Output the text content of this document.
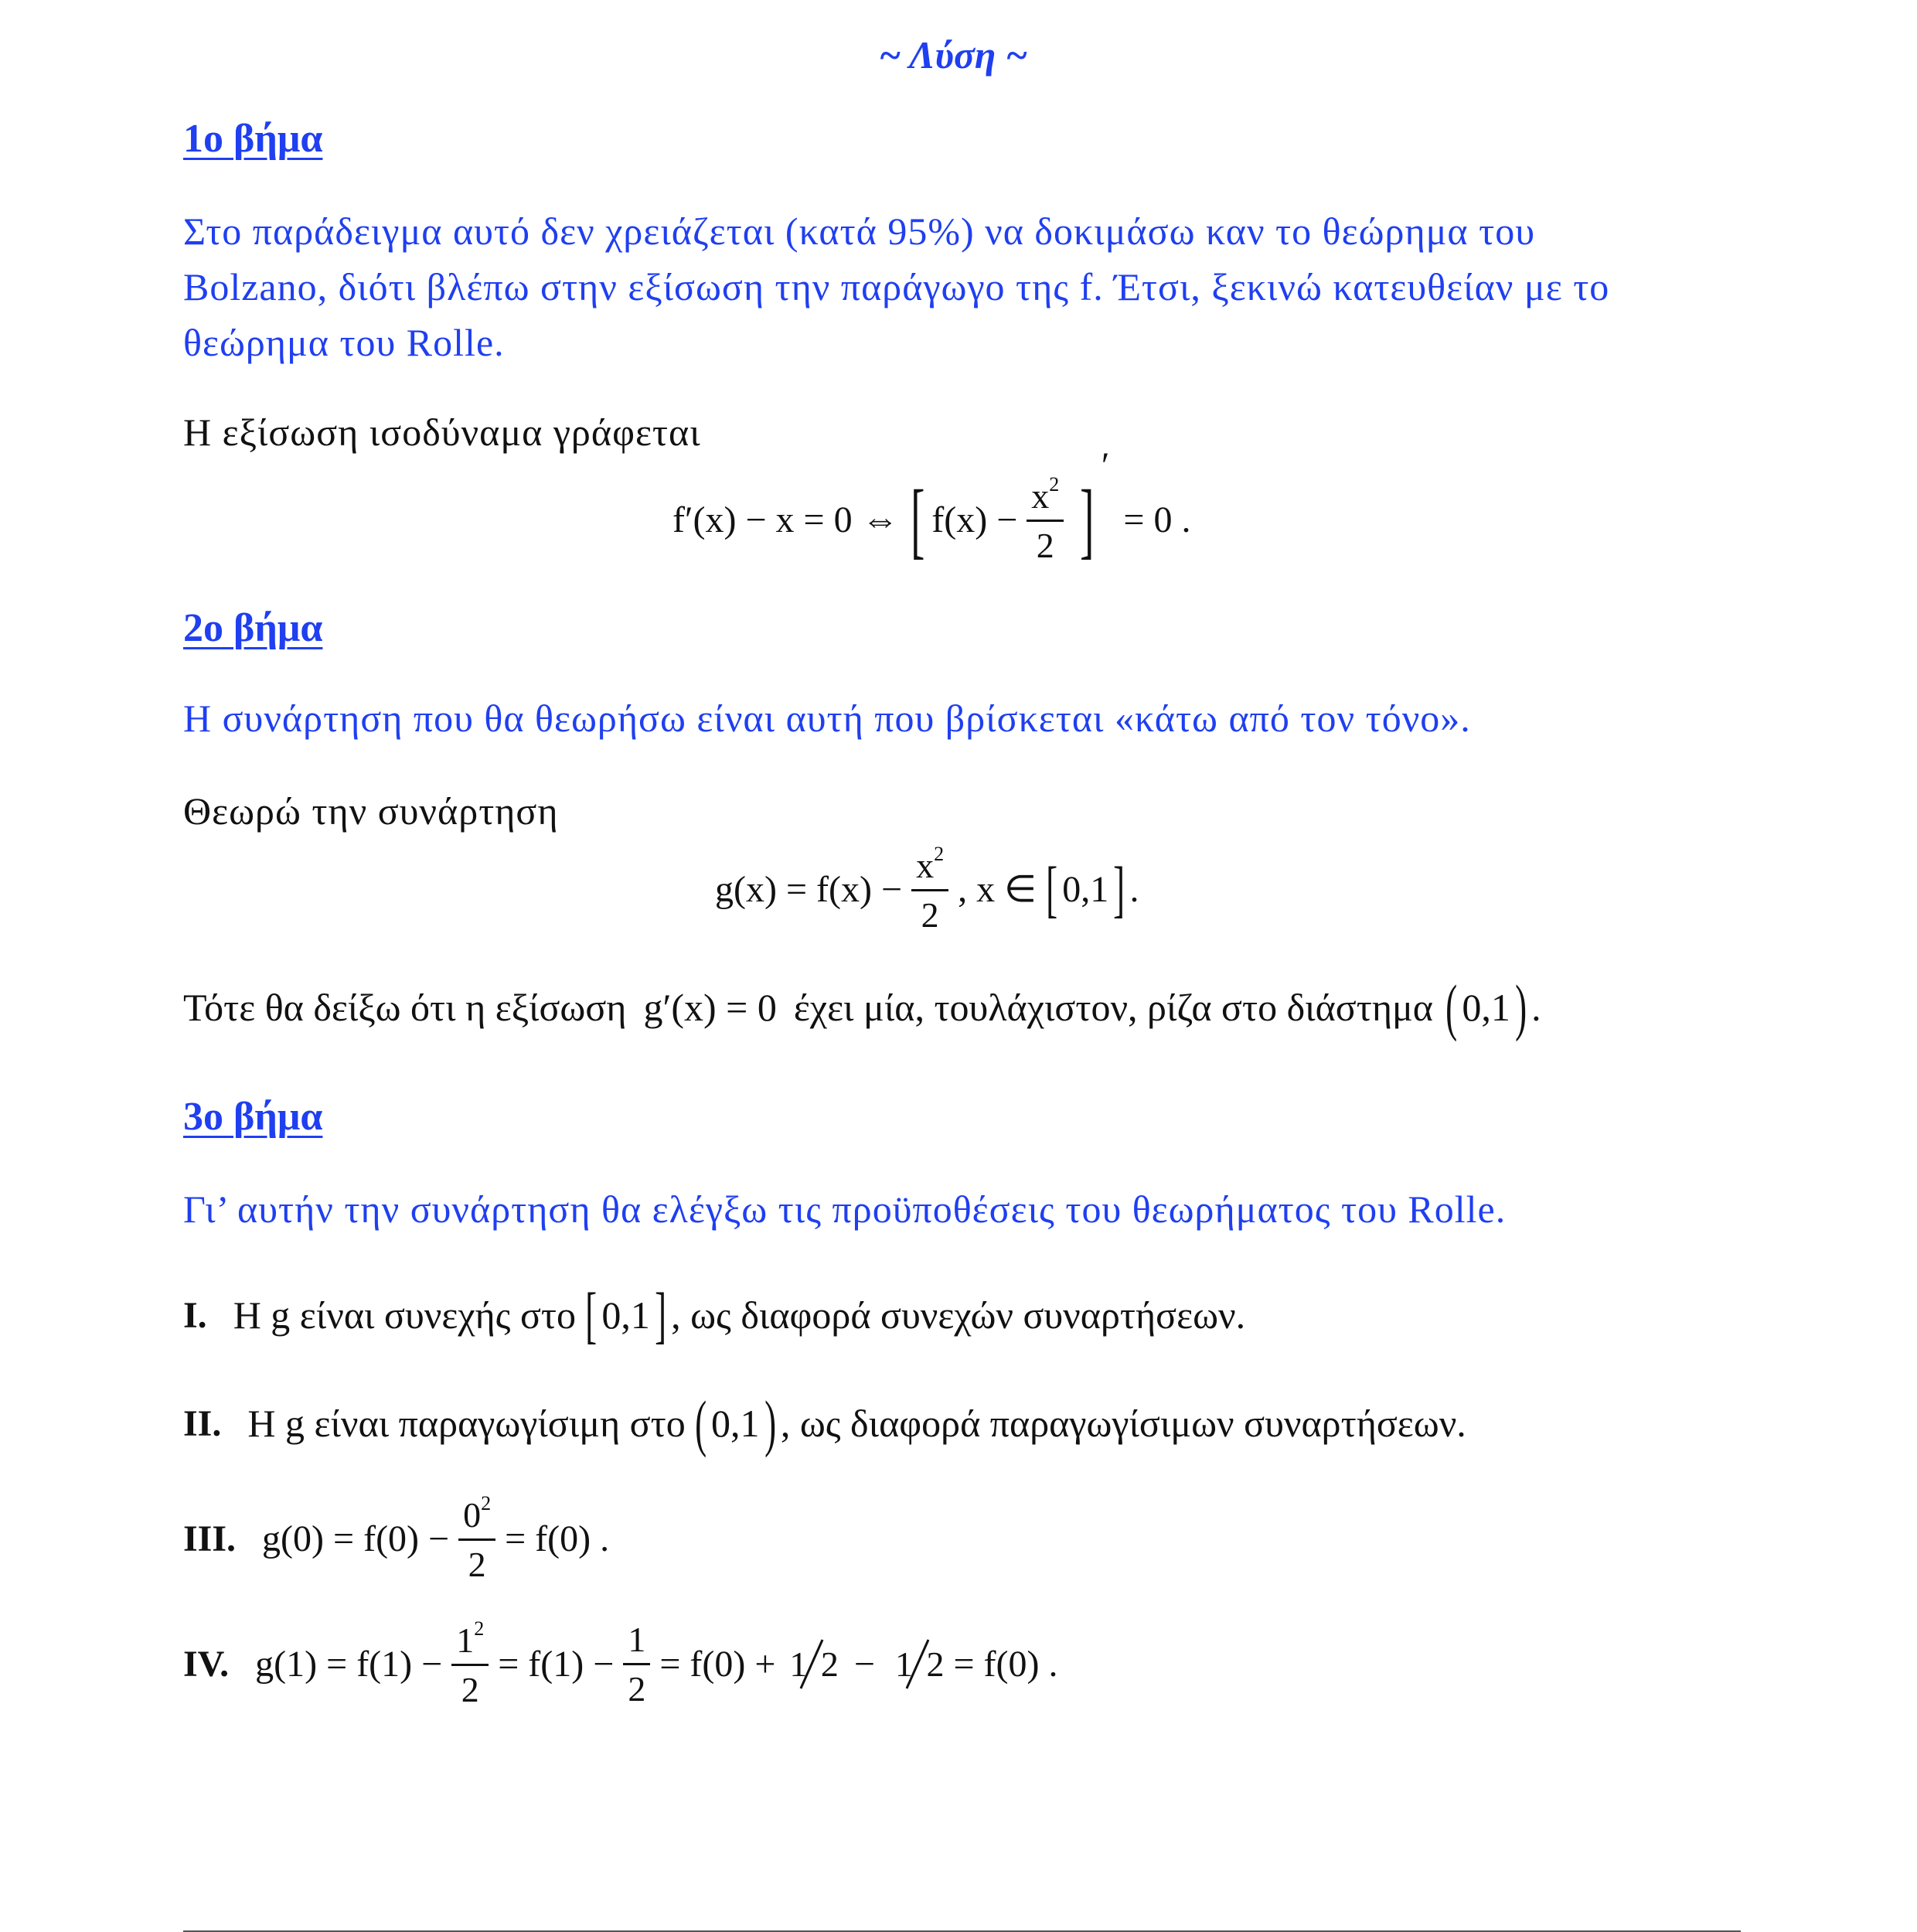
~ Λύση ~
1ο βήμα
Στο παράδειγμα αυτό δεν χρειάζεται (κατά 95%) να δοκιμάσω καν το θεώρημα του
Bolzano, διότι βλέπω στην εξίσωση την παράγωγο της f. Έτσι, ξεκινώ κατευθείαν με το
θεώρημα του Rolle.
Η εξίσωση ισοδύναμα γράφεται
f′(x) − x = 0 ⇔ [ $f(x) - \frac{x^2}{2}$ ]
′
= 0 .
2ο βήμα
Η συνάρτηση που θα θεωρήσω είναι αυτή που βρίσκεται «κάτω από τον τόνο».
Θεωρώ την συνάρτηση
$g(x) = f(x) - \frac{x^2}{2}$ , x ∈ [ 0,1 ] .
Τότε θα δείξω ότι η εξίσωση g′(x) = 0 έχει μία, τουλάχιστον, ρίζα στο διάστημα ( 0,1 ) .
3ο βήμα
Γι’ αυτήν την συνάρτηση θα ελέγξω τις προϋποθέσεις του θεωρήματος του Rolle.
I. Η g είναι συνεχής στο [ 0,1 ] , ως διαφορά συνεχών συναρτήσεων.
II. Η g είναι παραγωγίσιμη στο ( 0,1 ) , ως διαφορά παραγωγίσιμων συναρτήσεων.
III. $g(0) = f(0) - \frac{0^2}{2} = f(0)$ .
IV. $g(1) = f(1) - \frac{1^2}{2} = f(1) - \frac{1}{2} = f(0) + 1$ 2 − 1 2 = f(0) .
